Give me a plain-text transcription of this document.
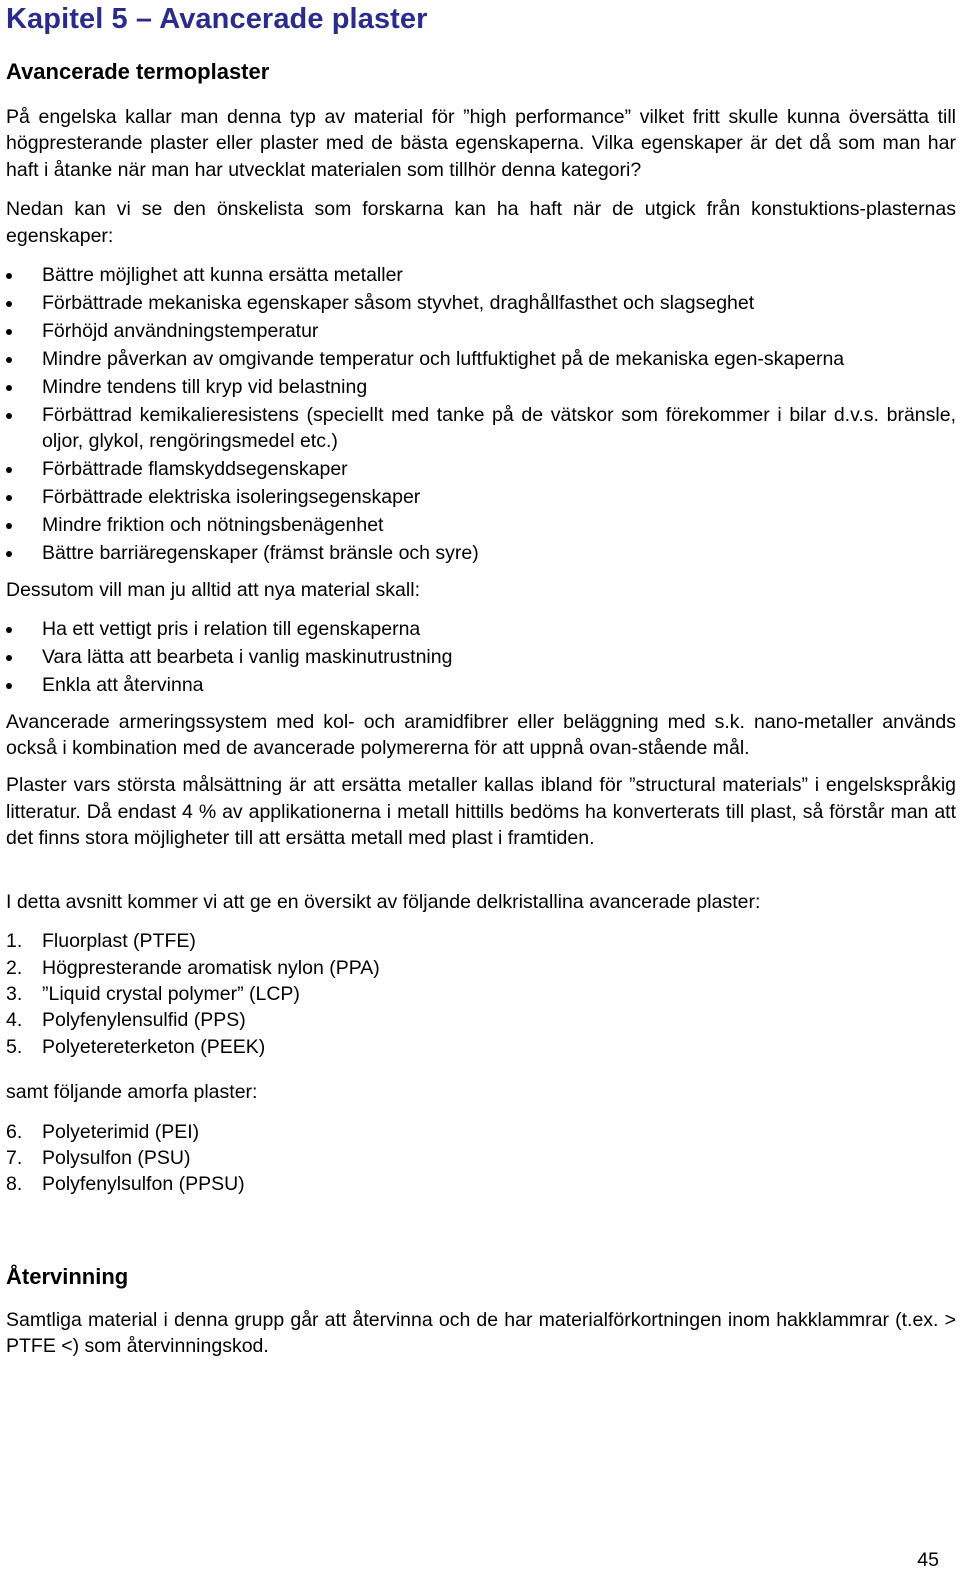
Kapitel 5 – Avancerade plaster
Avancerade termoplaster

På engelska kallar man denna typ av material för ”high performance” vilket fritt skulle kunna översätta till högpresterande plaster eller plaster med de bästa egenskaperna. Vilka egenskaper är det då som man har haft i åtanke när man har utvecklat materialen som tillhör denna kategori?

Nedan kan vi se den önskelista som forskarna kan ha haft när de utgick från konstuktions-plasternas egenskaper:

Bättre möjlighet att kunna ersätta metaller
Förbättrade mekaniska egenskaper såsom styvhet, draghållfasthet och slagseghet
Förhöjd användningstemperatur
Mindre påverkan av omgivande temperatur och luftfuktighet på de mekaniska egen-skaperna
Mindre tendens till kryp vid belastning
Förbättrad kemikalieresistens (speciellt med tanke på de vätskor som förekommer i bilar d.v.s. bränsle, oljor, glykol, rengöringsmedel etc.)
Förbättrade flamskyddsegenskaper
Förbättrade elektriska isoleringsegenskaper
Mindre friktion och nötningsbenägenhet
Bättre barriäregenskaper (främst bränsle och syre)

Dessutom vill man ju alltid att nya material skall:

Ha ett vettigt pris i relation till egenskaperna
Vara lätta att bearbeta i vanlig maskinutrustning
Enkla att återvinna

Avancerade armeringssystem med kol- och aramidfibrer eller beläggning med s.k. nano-metaller används också i kombination med de avancerade polymererna för att uppnå ovan-stående mål.

Plaster vars största målsättning är att ersätta metaller kallas ibland för ”structural materials” i engelskspråkig litteratur. Då endast 4 % av applikationerna i metall hittills bedöms ha konverterats till plast, så förstår man att det finns stora möjligheter till att ersätta metall med plast i framtiden.

I detta avsnitt kommer vi att ge en översikt av följande delkristallina avancerade plaster:

1. Fluorplast (PTFE)
2. Högpresterande aromatisk nylon (PPA)
3. ”Liquid crystal polymer” (LCP)
4. Polyfenylensulfid (PPS)
5. Polyetereterketon (PEEK)

samt följande amorfa plaster:

6. Polyeterimid (PEI)
7. Polysulfon (PSU)
8. Polyfenylsulfon (PPSU)
Återvinning

Samtliga material i denna grupp går att återvinna och de har materialförkortningen inom hakklammrar (t.ex. > PTFE <) som återvinningskod.

45
